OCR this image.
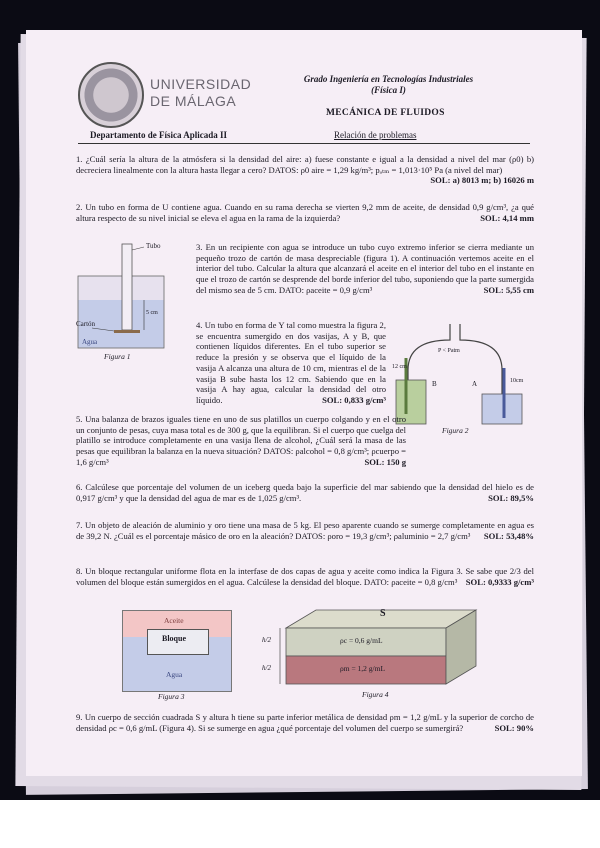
UNIVERSIDAD
DE MÁLAGA
Grado Ingeniería en Tecnologías Industriales
(Física I)
MECÁNICA DE FLUIDOS
Departamento de Física Aplicada II	Relación de problemas
1. ¿Cuál sería la altura de la atmósfera si la densidad del aire: a) fuese constante e igual a la densidad a nivel del mar (ρ0) b) decreciera linealmente con la altura hasta llegar a cero? DATOS: ρ0 aire = 1,29 kg/m³; pₐₜₘ = 1,013·10⁵ Pa (a nivel del mar)
SOL: a) 8013 m; b) 16026 m
2. Un tubo en forma de U contiene agua. Cuando en su rama derecha se vierten 9,2 mm de aceite, de densidad 0,9 g/cm³, ¿a qué altura respecto de su nivel inicial se eleva el agua en la rama de la izquierda?	SOL: 4,14 mm
Tubo
Cartón
Agua
5 cm
Figura 1
3. En un recipiente con agua se introduce un tubo cuyo extremo inferior se cierra mediante un pequeño trozo de cartón de masa despreciable (figura 1). A continuación vertemos aceite en el interior del tubo. Calcular la altura que alcanzará el aceite en el interior del tubo en el instante en que el trozo de cartón se desprende del borde inferior del tubo, suponiendo que la parte sumergida del mismo sea de 5 cm. DATO: ρaceite = 0,9 g/cm³	SOL: 5,55 cm
4. Un tubo en forma de Y tal como muestra la figura 2, se encuentra sumergido en dos vasijas, A y B, que contienen líquidos diferentes. En el tubo superior se reduce la presión y se observa que el líquido de la vasija A alcanza una altura de 10 cm, mientras el de la vasija B sube hasta los 12 cm. Sabiendo que en la vasija A hay agua, calcular la densidad del otro líquido.	SOL: 0,833 g/cm³
P < Patm
B	A
12 cm
10cm
Figura 2
5. Una balanza de brazos iguales tiene en uno de sus platillos un cuerpo colgando y en el otro un conjunto de pesas, cuya masa total es de 300 g, que la equilibran. Si el cuerpo que cuelga del platillo se introduce completamente en una vasija llena de alcohol, ¿Cuál será la masa de las pesas que equilibran la balanza en la nueva situación? DATOS: ρalcohol = 0,8 g/cm³; ρcuerpo = 1,6 g/cm³	SOL: 150 g
6. Calcúlese que porcentaje del volumen de un iceberg queda bajo la superficie del mar sabiendo que la densidad del hielo es de 0,917 g/cm³ y que la densidad del agua de mar es de 1,025 g/cm³.	SOL: 89,5%
7. Un objeto de aleación de aluminio y oro tiene una masa de 5 kg. El peso aparente cuando se sumerge completamente en agua es de 39,2 N. ¿Cuál es el porcentaje másico de oro en la aleación? DATOS: ρoro = 19,3 g/cm³; ρaluminio = 2,7 g/cm³ SOL: 53,48%
8. Un bloque rectangular uniforme flota en la interfase de dos capas de agua y aceite como indica la Figura 3. Se sabe que 2/3 del volumen del bloque están sumergidos en el agua. Calcúlese la densidad del bloque. DATO: ρaceite = 0,8 g/cm³ SOL: 0,9333 g/cm³
Aceite
Bloque
Agua
Figura 3
S
h/2
h/2
ρc = 0,6 g/mL
ρm = 1,2 g/mL
Figura 4
9. Un cuerpo de sección cuadrada S y altura h tiene su parte inferior metálica de densidad ρm = 1,2 g/mL y la superior de corcho de densidad ρc = 0,6 g/mL (Figura 4). Si se sumerge en agua ¿qué porcentaje del volumen del cuerpo se sumergirá?	SOL: 90%
